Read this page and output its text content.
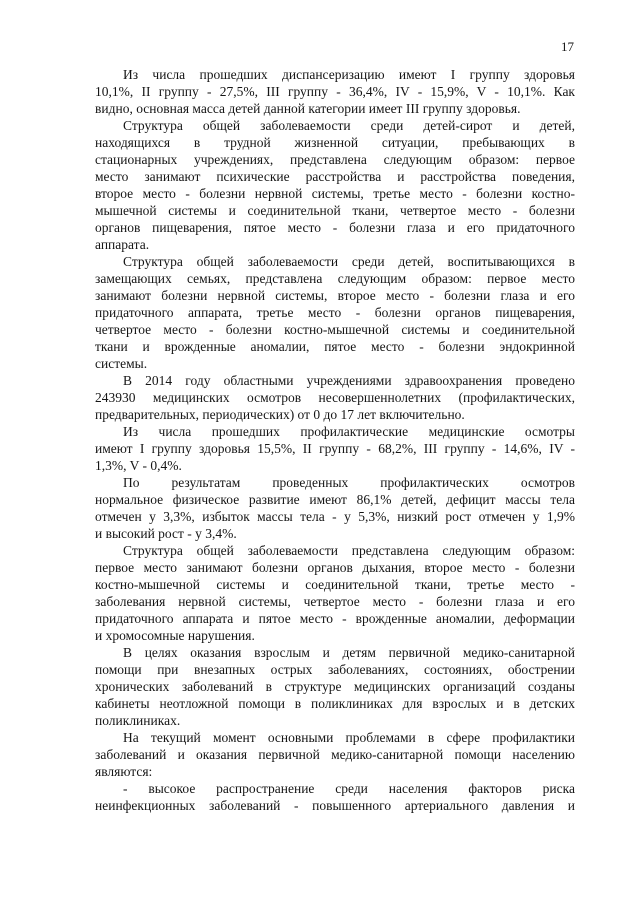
17

Из числа прошедших диспансеризацию имеют I группу здоровья
10,1%, II группу - 27,5%, III группу - 36,4%, IV - 15,9%, V - 10,1%. Как
видно, основная масса детей данной категории имеет III группу здоровья.

Структура общей заболеваемости среди детей-сирот и детей,
находящихся в трудной жизненной ситуации, пребывающих в
стационарных учреждениях, представлена следующим образом: первое
место занимают психические расстройства и расстройства поведения,
второе место - болезни нервной системы, третье место - болезни костно-
мышечной системы и соединительной ткани, четвертое место - болезни
органов пищеварения, пятое место - болезни глаза и его придаточного
аппарата.

Структура общей заболеваемости среди детей, воспитывающихся в
замещающих семьях, представлена следующим образом: первое место
занимают болезни нервной системы, второе место - болезни глаза и его
придаточного аппарата, третье место - болезни органов пищеварения,
четвертое место - болезни костно-мышечной системы и соединительной
ткани и врожденные аномалии, пятое место - болезни эндокринной
системы.

В 2014 году областными учреждениями здравоохранения проведено
243930 медицинских осмотров несовершеннолетних (профилактических,
предварительных, периодических) от 0 до 17 лет включительно.

Из числа прошедших профилактические медицинские осмотры
имеют I группу здоровья 15,5%, II группу - 68,2%, III группу - 14,6%, IV -
1,3%, V - 0,4%.

По результатам проведенных профилактических осмотров
нормальное физическое развитие имеют 86,1% детей, дефицит массы тела
отмечен у 3,3%, избыток массы тела - у 5,3%, низкий рост отмечен у 1,9%
и высокий рост - у 3,4%.

Структура общей заболеваемости представлена следующим образом:
первое место занимают болезни органов дыхания, второе место - болезни
костно-мышечной системы и соединительной ткани, третье место -
заболевания нервной системы, четвертое место - болезни глаза и его
придаточного аппарата и пятое место - врожденные аномалии, деформации
и хромосомные нарушения.

В целях оказания взрослым и детям первичной медико-санитарной
помощи при внезапных острых заболеваниях, состояниях, обострении
хронических заболеваний в структуре медицинских организаций созданы
кабинеты неотложной помощи в поликлиниках для взрослых и в детских
поликлиниках.

На текущий момент основными проблемами в сфере профилактики
заболеваний и оказания первичной медико-санитарной помощи населению
являются:

- высокое распространение среди населения факторов риска
неинфекционных заболеваний - повышенного артериального давления и
